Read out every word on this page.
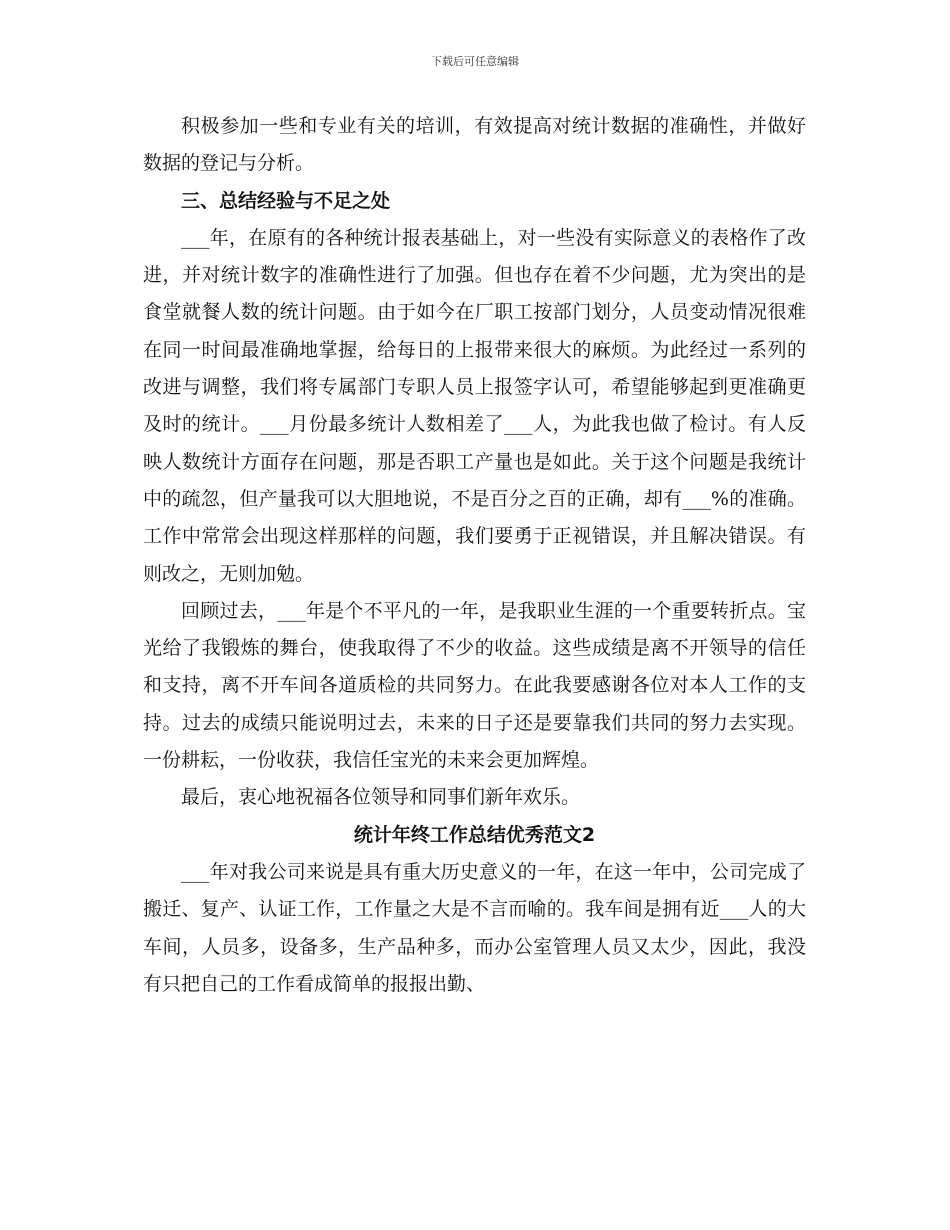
下载后可任意编辑

积极参加一些和专业有关的培训，有效提高对统计数据的准确性，并做好数据的登记与分析。

三、总结经验与不足之处

___年，在原有的各种统计报表基础上，对一些没有实际意义的表格作了改进，并对统计数字的准确性进行了加强。但也存在着不少问题，尤为突出的是食堂就餐人数的统计问题。由于如今在厂职工按部门划分，人员变动情况很难在同一时间最准确地掌握，给每日的上报带来很大的麻烦。为此经过一系列的改进与调整，我们将专属部门专职人员上报签字认可，希望能够起到更准确更及时的统计。___月份最多统计人数相差了___人，为此我也做了检讨。有人反映人数统计方面存在问题，那是否职工产量也是如此。关于这个问题是我统计中的疏忽，但产量我可以大胆地说，不是百分之百的正确，却有___%的准确。工作中常常会出现这样那样的问题，我们要勇于正视错误，并且解决错误。有则改之，无则加勉。

回顾过去，___年是个不平凡的一年，是我职业生涯的一个重要转折点。宝光给了我锻炼的舞台，使我取得了不少的收益。这些成绩是离不开领导的信任和支持，离不开车间各道质检的共同努力。在此我要感谢各位对本人工作的支持。过去的成绩只能说明过去，未来的日子还是要靠我们共同的努力去实现。一份耕耘，一份收获，我信任宝光的未来会更加辉煌。

最后，衷心地祝福各位领导和同事们新年欢乐。

统计年终工作总结优秀范文2

___年对我公司来说是具有重大历史意义的一年，在这一年中，公司完成了搬迁、复产、认证工作，工作量之大是不言而喻的。我车间是拥有近___人的大车间，人员多，设备多，生产品种多，而办公室管理人员又太少，因此，我没有只把自己的工作看成简单的报报出勤、
